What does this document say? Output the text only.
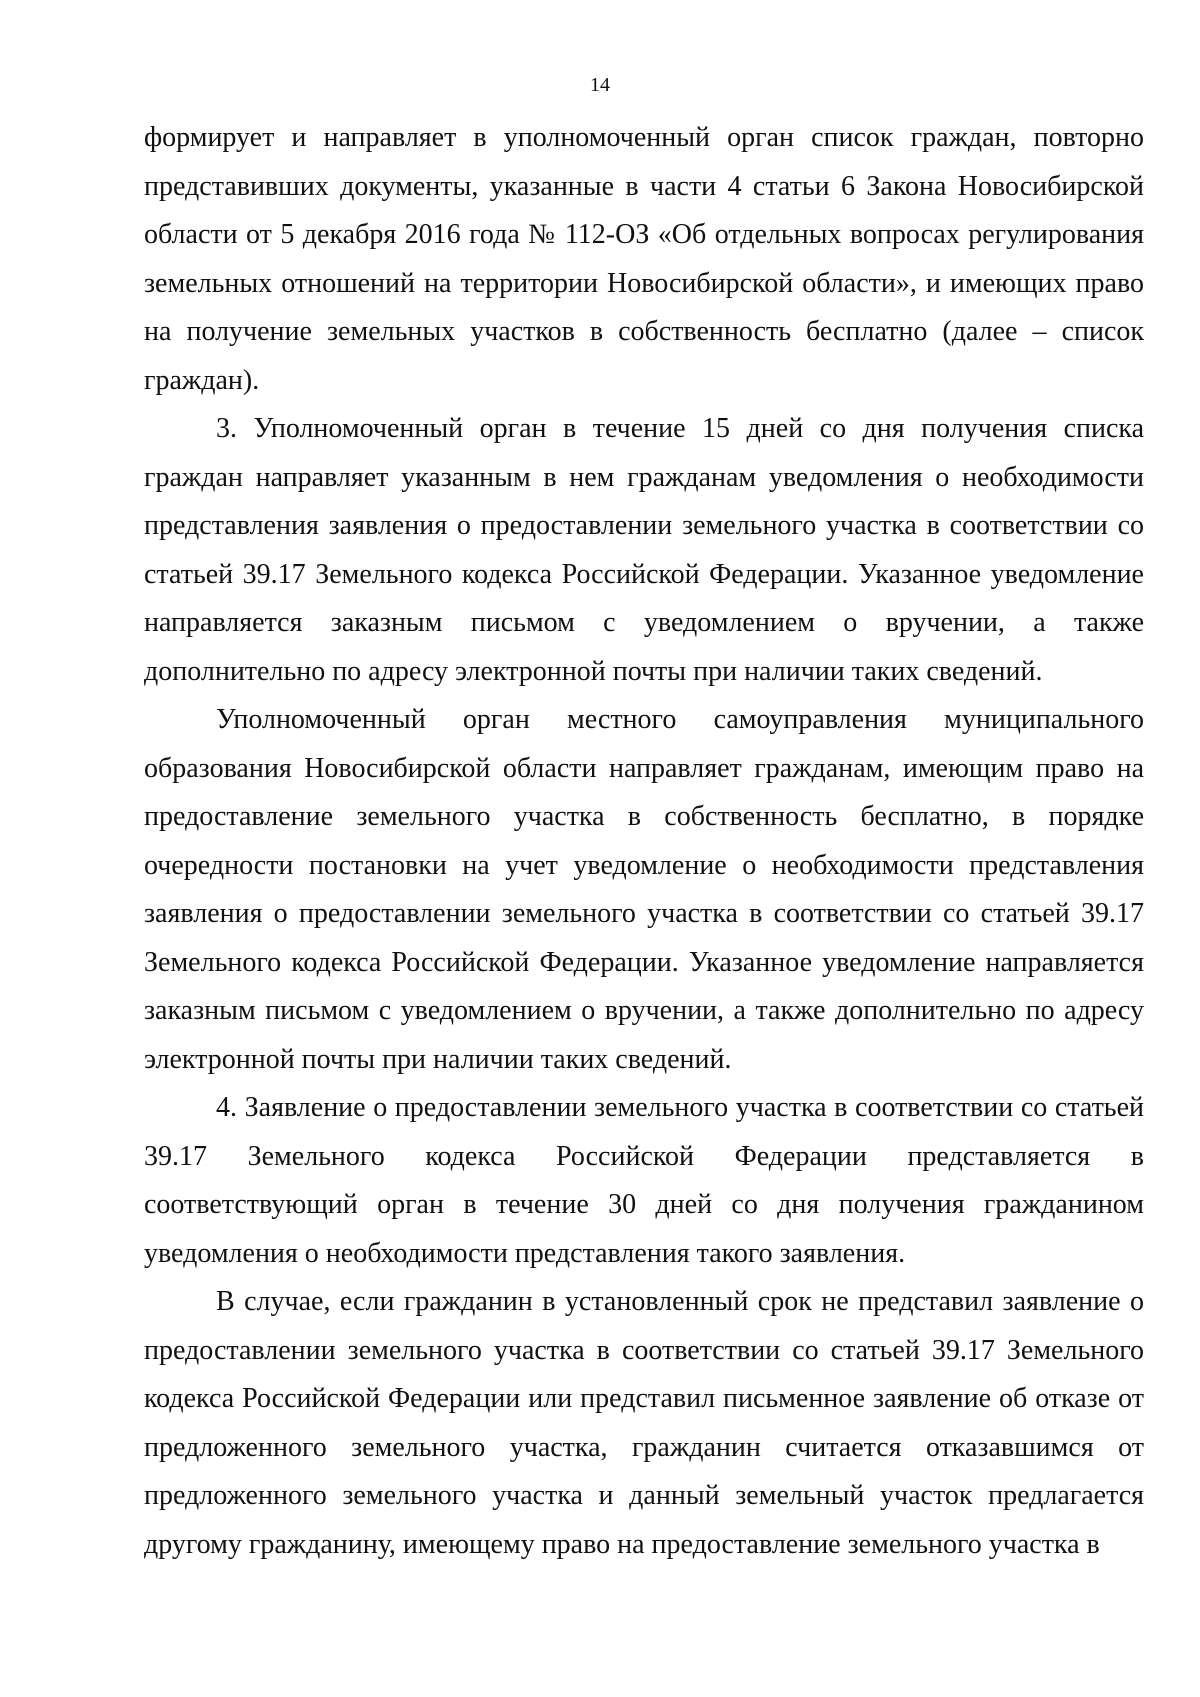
14

формирует и направляет в уполномоченный орган список граждан, повторно представивших документы, указанные в части 4 статьи 6 Закона Новосибирской области от 5 декабря 2016 года № 112-ОЗ «Об отдельных вопросах регулирования земельных отношений на территории Новосибирской области», и имеющих право на получение земельных участков в собственность бесплатно (далее – список граждан).

3. Уполномоченный орган в течение 15 дней со дня получения списка граждан направляет указанным в нем гражданам уведомления о необходимости представления заявления о предоставлении земельного участка в соответствии со статьей 39.17 Земельного кодекса Российской Федерации. Указанное уведомление направляется заказным письмом с уведомлением о вручении, а также дополнительно по адресу электронной почты при наличии таких сведений.

Уполномоченный орган местного самоуправления муниципального образования Новосибирской области направляет гражданам, имеющим право на предоставление земельного участка в собственность бесплатно, в порядке очередности постановки на учет уведомление о необходимости представления заявления о предоставлении земельного участка в соответствии со статьей 39.17 Земельного кодекса Российской Федерации. Указанное уведомление направляется заказным письмом с уведомлением о вручении, а также дополнительно по адресу электронной почты при наличии таких сведений.

4. Заявление о предоставлении земельного участка в соответствии со статьей 39.17 Земельного кодекса Российской Федерации представляется в соответствующий орган в течение 30 дней со дня получения гражданином уведомления о необходимости представления такого заявления.

В случае, если гражданин в установленный срок не представил заявление о предоставлении земельного участка в соответствии со статьей 39.17 Земельного кодекса Российской Федерации или представил письменное заявление об отказе от предложенного земельного участка, гражданин считается отказавшимся от предложенного земельного участка и данный земельный участок предлагается другому гражданину, имеющему право на предоставление земельного участка в
